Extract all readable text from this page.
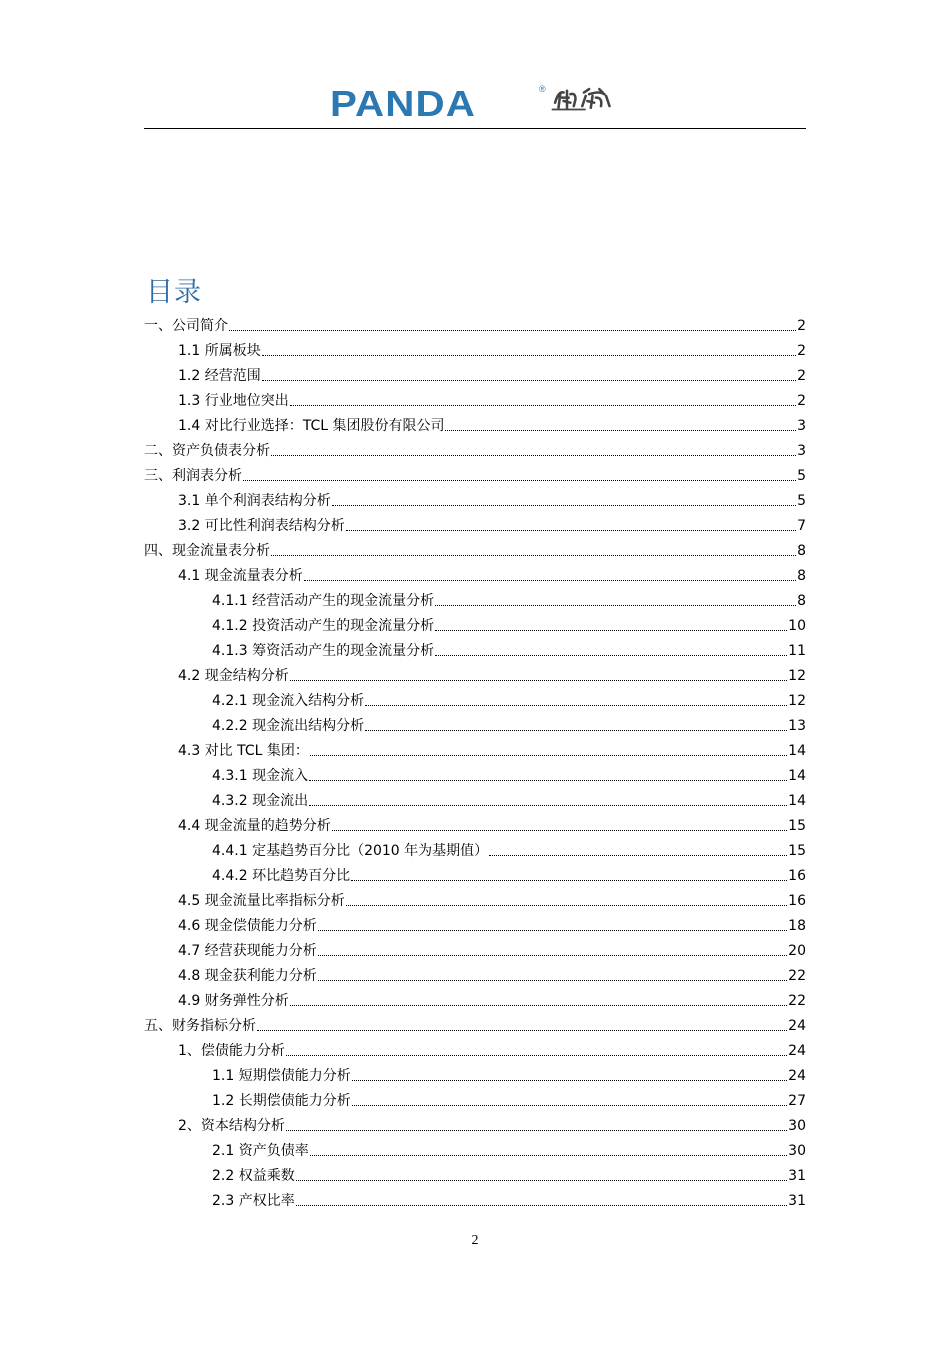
PANDA	®
目录
一、公司简介	2
1.1 所属板块	2
1.2 经营范围	2
1.3 行业地位突出	2
1.4 对比行业选择：TCL 集团股份有限公司	3
二、资产负债表分析	3
三、利润表分析	5
3.1 单个利润表结构分析	5
3.2 可比性利润表结构分析	7
四、现金流量表分析	8
4.1 现金流量表分析	8
4.1.1 经营活动产生的现金流量分析	8
4.1.2 投资活动产生的现金流量分析	10
4.1.3 筹资活动产生的现金流量分析	11
4.2 现金结构分析	12
4.2.1 现金流入结构分析	12
4.2.2 现金流出结构分析	13
4.3 对比 TCL 集团：	14
4.3.1 现金流入	14
4.3.2 现金流出	14
4.4 现金流量的趋势分析	15
4.4.1 定基趋势百分比（2010 年为基期值）	15
4.4.2 环比趋势百分比	16
4.5 现金流量比率指标分析	16
4.6 现金偿债能力分析	18
4.7 经营获现能力分析	20
4.8 现金获利能力分析	22
4.9 财务弹性分析	22
五、财务指标分析	24
1、偿债能力分析	24
1.1 短期偿债能力分析	24
1.2 长期偿债能力分析	27
2、资本结构分析	30
2.1 资产负债率	30
2.2 权益乘数	31
2.3 产权比率	31
2
